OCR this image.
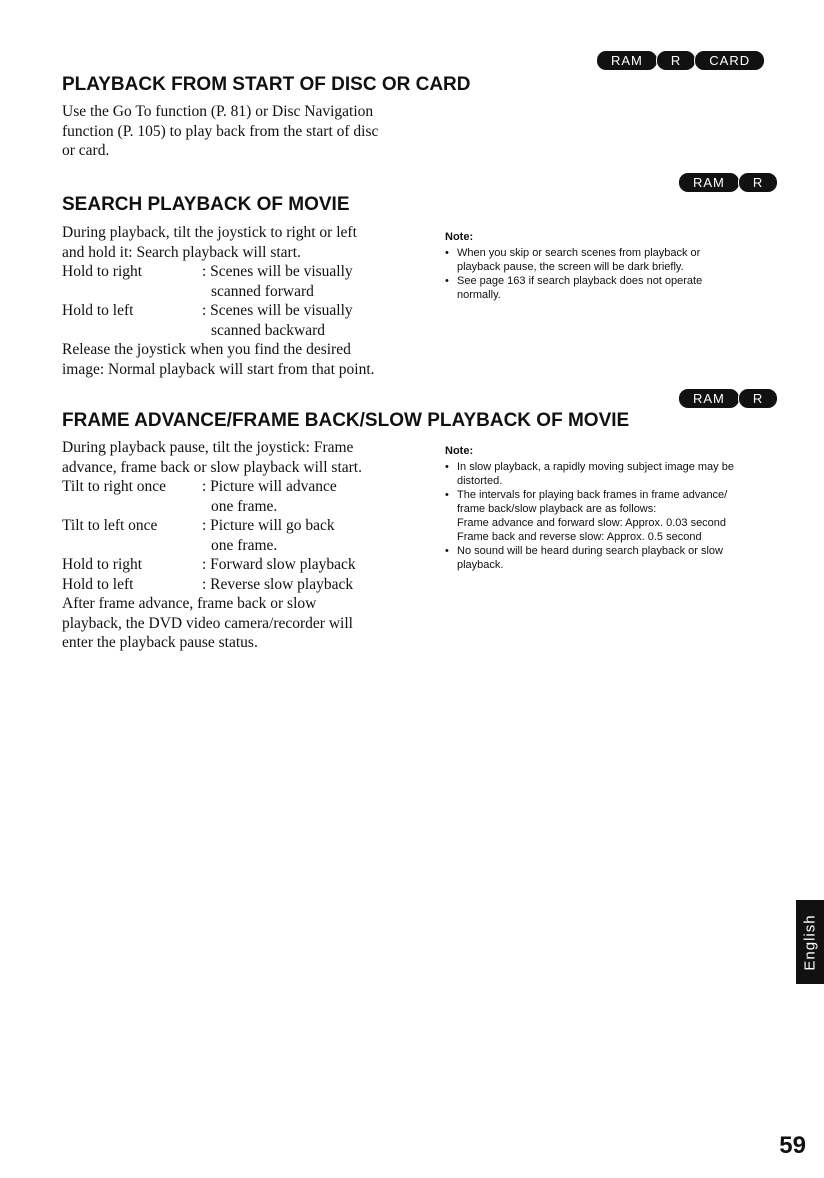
RAM	R	CARD
PLAYBACK FROM START OF DISC OR CARD
Use the Go To function (P. 81) or Disc Navigation
function (P. 105) to play back from the start of disc
or card.
RAM	R
SEARCH PLAYBACK OF MOVIE
During playback, tilt the joystick to right or left
and hold it: Search playback will start.
Hold to right	: Scenes will be visually
scanned forward
Hold to left	: Scenes will be visually
scanned backward
Release the joystick when you find the desired
image: Normal playback will start from that point.
Note:
• When you skip or search scenes from playback or
playback pause, the screen will be dark briefly.
• See page 163 if search playback does not operate
normally.
RAM	R
FRAME ADVANCE/FRAME BACK/SLOW PLAYBACK OF MOVIE
During playback pause, tilt the joystick: Frame
advance, frame back or slow playback will start.
Tilt to right once	: Picture will advance
one frame.
Tilt to left once	: Picture will go back
one frame.
Hold to right	: Forward slow playback
Hold to left	: Reverse slow playback
After frame advance, frame back or slow
playback, the DVD video camera/recorder will
enter the playback pause status.
Note:
• In slow playback, a rapidly moving subject image may be
distorted.
• The intervals for playing back frames in frame advance/
frame back/slow playback are as follows:
Frame advance and forward slow: Approx. 0.03 second
Frame back and reverse slow: Approx. 0.5 second
• No sound will be heard during search playback or slow
playback.
English
59
